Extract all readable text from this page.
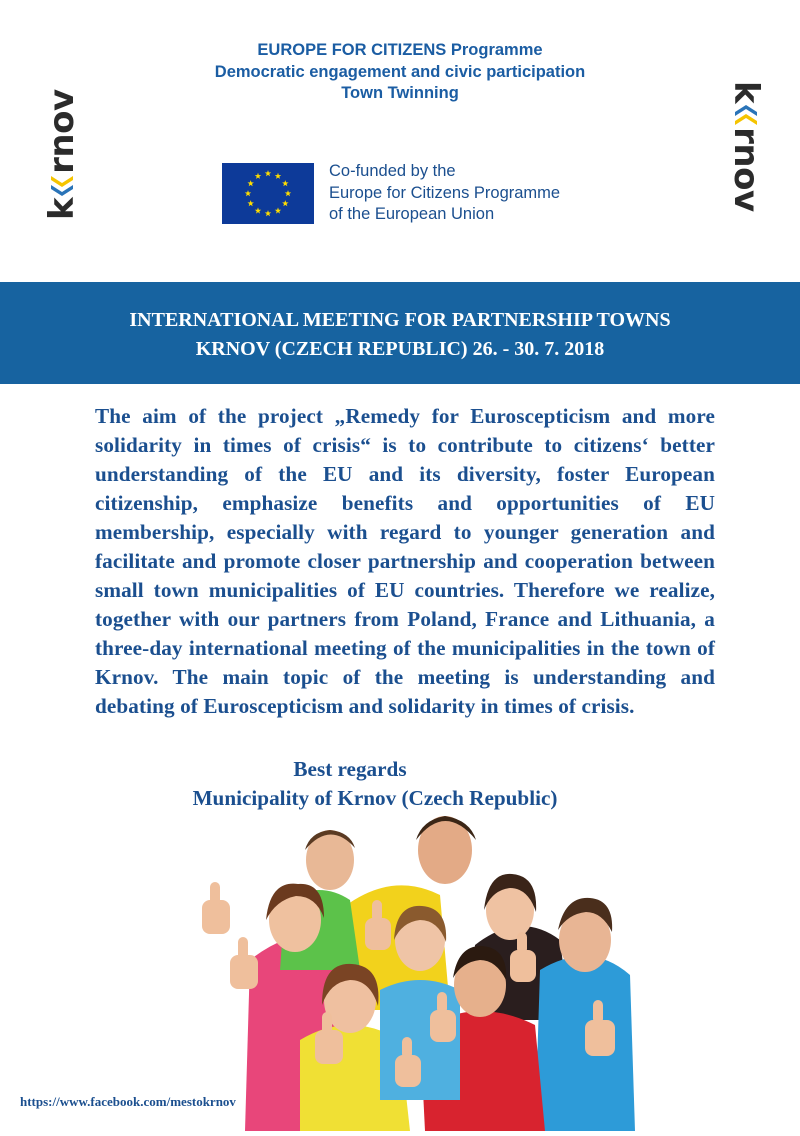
EUROPE FOR CITIZENS Programme
Democratic engagement and civic participation
Town Twinning
k
rnov	k
rnov
Co-funded by the
Europe for Citizens Programme
of the European Union
INTERNATIONAL MEETING FOR PARTNERSHIP TOWNS
KRNOV (CZECH REPUBLIC) 26. - 30. 7. 2018
The aim of the project „Remedy for Euroscepticism and more solidarity in times of crisis“ is to contribute to citizens‘ better understanding of the EU and its diversity, foster European citizenship, emphasize benefits and opportunities of EU membership, especially with regard to younger generation and facilitate and promote closer partnership and cooperation between small town municipalities of EU countries. Therefore we realize, together with our partners from Poland, France and Lithuania, a three-day international meeting of the municipalities in the town of Krnov. The main topic of the meeting is understanding and debating of Euroscepticism and solidarity in times of crisis.
Best regards
Municipality of Krnov (Czech Republic)
https://www.facebook.com/mestokrnov
